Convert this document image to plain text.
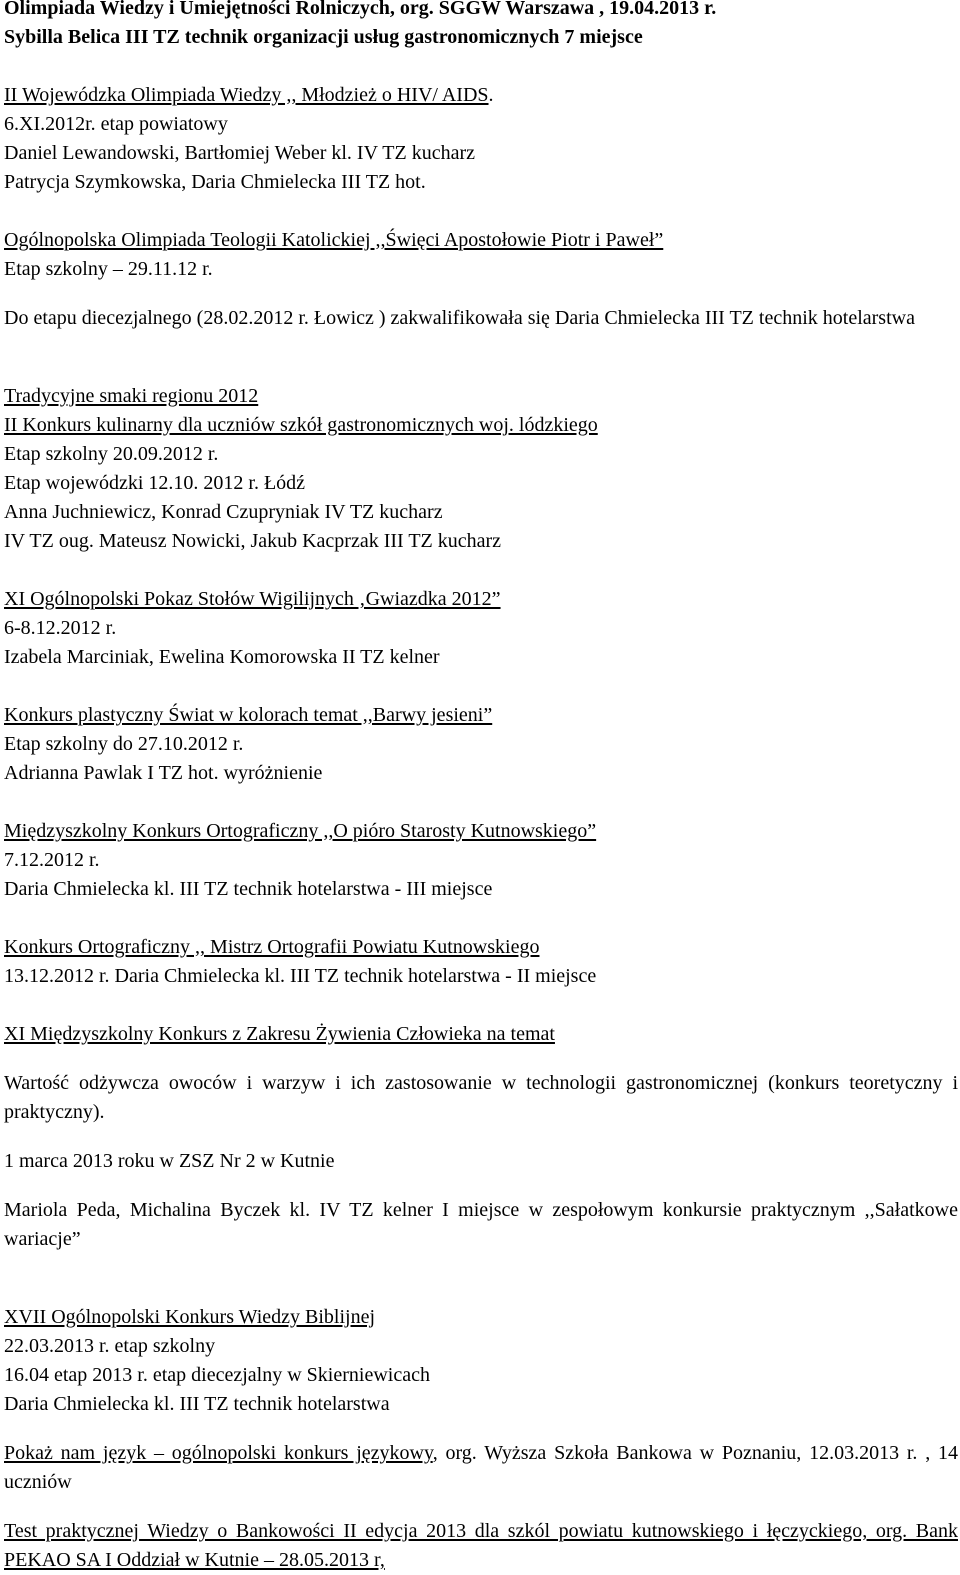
Olimpiada Wiedzy i Umiejętności Rolniczych, org. SGGW Warszawa , 19.04.2013 r.

Sybilla Belica III TZ technik organizacji usług gastronomicznych 7 miejsce

II Wojewódzka Olimpiada Wiedzy ,, Młodzież o HIV/ AIDS.

6.XI.2012r. etap powiatowy

Daniel Lewandowski, Bartłomiej Weber kl. IV TZ kucharz

Patrycja Szymkowska, Daria Chmielecka III TZ hot.

Ogólnopolska Olimpiada Teologii Katolickiej ,,Święci Apostołowie Piotr i Paweł”

Etap szkolny – 29.11.12 r.

Do etapu diecezjalnego (28.02.2012 r. Łowicz ) zakwalifikowała się Daria Chmielecka III TZ technik hotelarstwa

Tradycyjne smaki regionu 2012

II Konkurs kulinarny dla uczniów szkół gastronomicznych woj. lódzkiego

Etap szkolny 20.09.2012 r.

Etap wojewódzki 12.10. 2012 r. Łódź

Anna Juchniewicz, Konrad Czupryniak IV TZ kucharz

IV TZ oug. Mateusz Nowicki, Jakub Kacprzak III TZ kucharz

XI Ogólnopolski Pokaz Stołów Wigilijnych ‚Gwiazdka 2012”

6-8.12.2012 r.

Izabela Marciniak, Ewelina Komorowska II TZ kelner

Konkurs plastyczny Świat w kolorach temat ,,Barwy jesieni”

Etap szkolny do 27.10.2012 r.

Adrianna Pawlak I TZ hot. wyróżnienie

Międzyszkolny Konkurs Ortograficzny ,,O pióro Starosty Kutnowskiego”

7.12.2012 r.

Daria Chmielecka kl. III TZ technik hotelarstwa - III miejsce

Konkurs Ortograficzny ,, Mistrz Ortografii Powiatu Kutnowskiego

13.12.2012 r. Daria Chmielecka kl. III TZ technik hotelarstwa - II miejsce

XI Międzyszkolny Konkurs z Zakresu Żywienia Człowieka na temat

Wartość odżywcza owoców i warzyw i ich zastosowanie w technologii gastronomicznej (konkurs teoretyczny i praktyczny).

1 marca 2013 roku w ZSZ Nr 2 w Kutnie

Mariola Peda, Michalina Byczek kl. IV TZ kelner I miejsce w zespołowym konkursie praktycznym ,,Sałatkowe wariacje”

XVII Ogólnopolski Konkurs Wiedzy Biblijnej

22.03.2013 r. etap szkolny

16.04 etap 2013 r. etap diecezjalny w Skierniewicach

Daria Chmielecka kl. III TZ technik hotelarstwa

Pokaż nam język – ogólnopolski konkurs językowy, org. Wyższa Szkoła Bankowa w Poznaniu, 12.03.2013 r. , 14 uczniów

Test praktycznej Wiedzy o Bankowości II edycja 2013 dla szkól powiatu kutnowskiego i łęczyckiego, org. Bank PEKAO SA I Oddział w Kutnie – 28.05.2013 r,
